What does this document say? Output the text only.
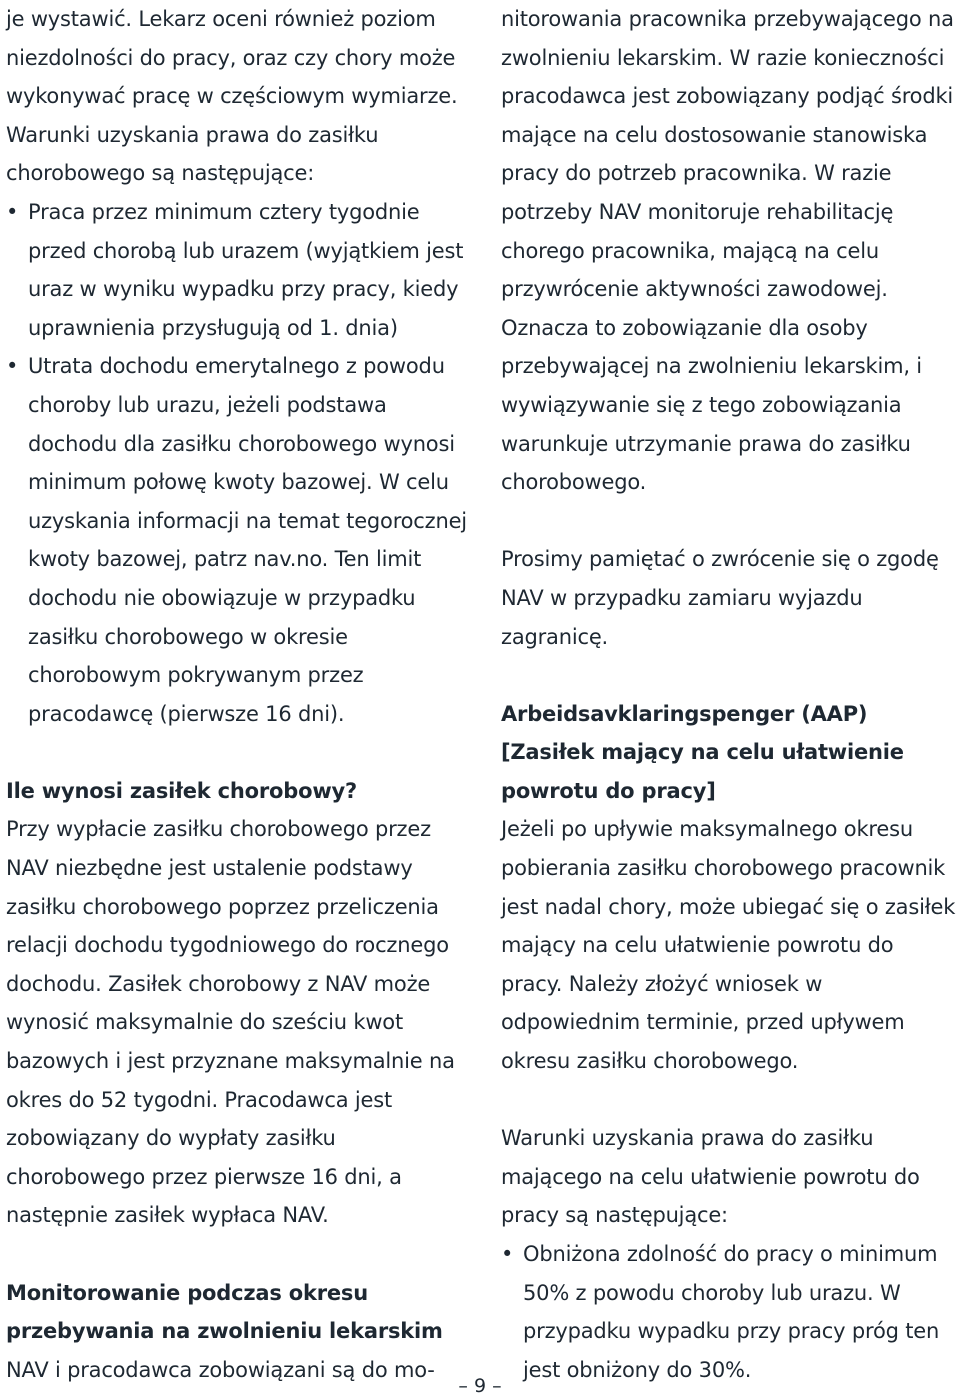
je wystawić. Lekarz oceni również poziom niezdolności do pracy, oraz czy chory może wykonywać pracę w częściowym wymiarze. Warunki uzyskania prawa do zasiłku chorobowego są następujące:

• Praca przez minimum cztery tygodnie przed chorobą lub urazem (wyjątkiem jest uraz w wyniku wypadku przy pracy, kiedy uprawnienia przysługują od 1. dnia)
• Utrata dochodu emerytalnego z powodu choroby lub urazu, jeżeli podstawa dochodu dla zasiłku chorobowego wynosi minimum połowę kwoty bazowej. W celu uzyskania informacji na temat tegorocznej kwoty bazowej, patrz nav.no. Ten limit dochodu nie obowiązuje w przypadku zasiłku chorobowego w okresie chorobowym pokrywanym przez pracodawcę (pierwsze 16 dni).

Ile wynosi zasiłek chorobowy?

Przy wypłacie zasiłku chorobowego przez NAV niezbędne jest ustalenie podstawy zasiłku chorobowego poprzez przeliczenia relacji dochodu tygodniowego do rocznego dochodu. Zasiłek chorobowy z NAV może wynosić maksymalnie do sześciu kwot bazowych i jest przyznane maksymalnie na okres do 52 tygodni. Pracodawca jest zobowiązany do wypłaty zasiłku chorobowego przez pierwsze 16 dni, a następnie zasiłek wypłaca NAV.

Monitorowanie podczas okresu przebywania na zwolnieniu lekarskim

NAV i pracodawca zobowiązani są do mo-

nitorowania pracownika przebywającego na zwolnieniu lekarskim. W razie konieczności pracodawca jest zobowiązany podjąć środki mające na celu dostosowanie stanowiska pracy do potrzeb pracownika. W razie potrzeby NAV monitoruje rehabilitację chorego pracownika, mającą na celu przywrócenie aktywności zawodowej. Oznacza to zobowiązanie dla osoby przebywającej na zwolnieniu lekarskim, i wywiązywanie się z tego zobowiązania warunkuje utrzymanie prawa do zasiłku chorobowego.

Prosimy pamiętać o zwrócenie się o zgodę NAV w przypadku zamiaru wyjazdu zagranicę.

Arbeidsavklaringspenger (AAP) [Zasiłek mający na celu ułatwienie powrotu do pracy]

Jeżeli po upływie maksymalnego okresu pobierania zasiłku chorobowego pracownik jest nadal chory, może ubiegać się o zasiłek mający na celu ułatwienie powrotu do pracy. Należy złożyć wniosek w odpowiednim terminie, przed upływem okresu zasiłku chorobowego.

Warunki uzyskania prawa do zasiłku mającego na celu ułatwienie powrotu do pracy są następujące:

• Obniżona zdolność do pracy o minimum 50% z powodu choroby lub urazu. W przypadku wypadku przy pracy próg ten jest obniżony do 30%.
– 9 –
